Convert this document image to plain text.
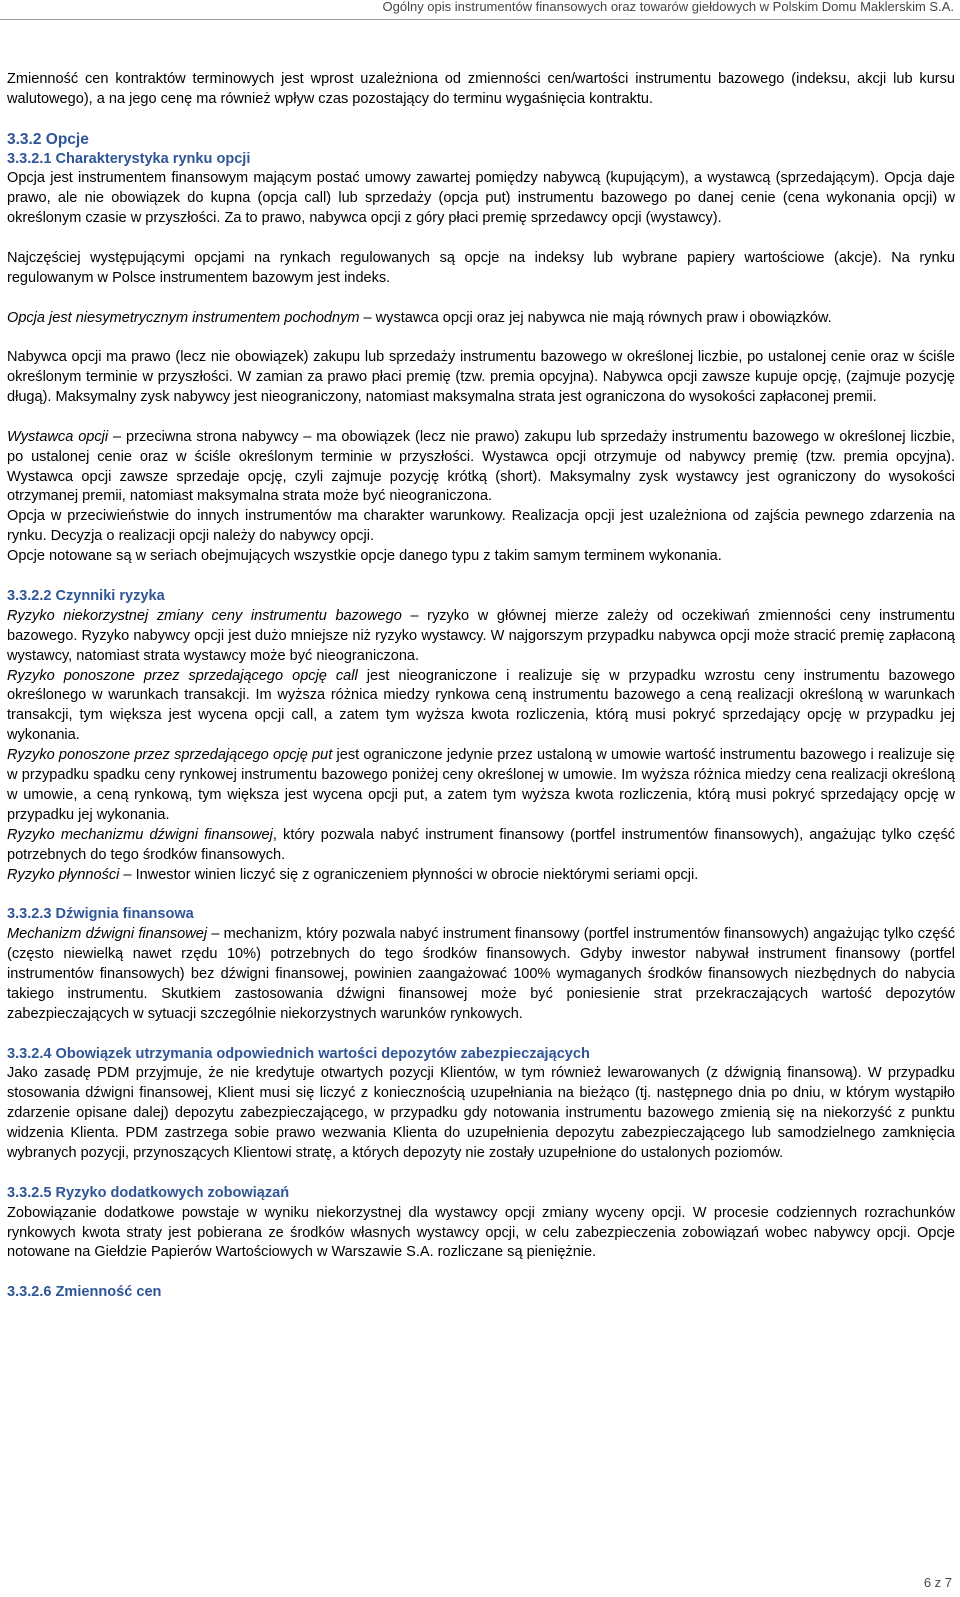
Ogólny opis instrumentów finansowych oraz towarów giełdowych w Polskim Domu Maklerskim S.A.

Zmienność cen kontraktów terminowych jest wprost uzależniona od zmienności cen/wartości instrumentu bazowego (indeksu, akcji lub kursu walutowego), a na jego cenę ma również wpływ czas pozostający do terminu wygaśnięcia kontraktu.

3.3.2 Opcje
3.3.2.1 Charakterystyka rynku opcji

Opcja jest instrumentem finansowym mającym postać umowy zawartej pomiędzy nabywcą (kupującym), a wystawcą (sprzedającym). Opcja daje prawo, ale nie obowiązek do kupna (opcja call) lub sprzedaży (opcja put) instrumentu bazowego po danej cenie (cena wykonania opcji) w określonym czasie w przyszłości. Za to prawo, nabywca opcji z góry płaci premię sprzedawcy opcji (wystawcy).

Najczęściej występującymi opcjami na rynkach regulowanych są opcje na indeksy lub wybrane papiery wartościowe (akcje). Na rynku regulowanym w Polsce instrumentem bazowym jest indeks.

Opcja jest niesymetrycznym instrumentem pochodnym – wystawca opcji oraz jej nabywca nie mają równych praw i obowiązków.

Nabywca opcji ma prawo (lecz nie obowiązek) zakupu lub sprzedaży instrumentu bazowego w określonej liczbie, po ustalonej cenie oraz w ściśle określonym terminie w przyszłości. W zamian za prawo płaci premię (tzw. premia opcyjna). Nabywca opcji zawsze kupuje opcję, (zajmuje pozycję długą). Maksymalny zysk nabywcy jest nieograniczony, natomiast maksymalna strata jest ograniczona do wysokości zapłaconej premii.

Wystawca opcji – przeciwna strona nabywcy – ma obowiązek (lecz nie prawo) zakupu lub sprzedaży instrumentu bazowego w określonej liczbie, po ustalonej cenie oraz w ściśle określonym terminie w przyszłości. Wystawca opcji otrzymuje od nabywcy premię (tzw. premia opcyjna). Wystawca opcji zawsze sprzedaje opcję, czyli zajmuje pozycję krótką (short). Maksymalny zysk wystawcy jest ograniczony do wysokości otrzymanej premii, natomiast maksymalna strata może być nieograniczona.

Opcja w przeciwieństwie do innych instrumentów ma charakter warunkowy. Realizacja opcji jest uzależniona od zajścia pewnego zdarzenia na rynku. Decyzja o realizacji opcji należy do nabywcy opcji.

Opcje notowane są w seriach obejmujących wszystkie opcje danego typu z takim samym terminem wykonania.

3.3.2.2 Czynniki ryzyka

Ryzyko niekorzystnej zmiany ceny instrumentu bazowego – ryzyko w głównej mierze zależy od oczekiwań zmienności ceny instrumentu bazowego. Ryzyko nabywcy opcji jest dużo mniejsze niż ryzyko wystawcy. W najgorszym przypadku nabywca opcji może stracić premię zapłaconą wystawcy, natomiast strata wystawcy może być nieograniczona.

Ryzyko ponoszone przez sprzedającego opcję call jest nieograniczone i realizuje się w przypadku wzrostu ceny instrumentu bazowego określonego w warunkach transakcji. Im wyższa różnica miedzy rynkowa ceną instrumentu bazowego a ceną realizacji określoną w warunkach transakcji, tym większa jest wycena opcji call, a zatem tym wyższa kwota rozliczenia, którą musi pokryć sprzedający opcję w przypadku jej wykonania.

Ryzyko ponoszone przez sprzedającego opcję put jest ograniczone jedynie przez ustaloną w umowie wartość instrumentu bazowego i realizuje się w przypadku spadku ceny rynkowej instrumentu bazowego poniżej ceny określonej w umowie. Im wyższa różnica miedzy cena realizacji określoną w umowie, a ceną rynkową, tym większa jest wycena opcji put, a zatem tym wyższa kwota rozliczenia, którą musi pokryć sprzedający opcję w przypadku jej wykonania.

Ryzyko mechanizmu dźwigni finansowej, który pozwala nabyć instrument finansowy (portfel instrumentów finansowych), angażując tylko część potrzebnych do tego środków finansowych.

Ryzyko płynności – Inwestor winien liczyć się z ograniczeniem płynności w obrocie niektórymi seriami opcji.

3.3.2.3 Dźwignia finansowa

Mechanizm dźwigni finansowej – mechanizm, który pozwala nabyć instrument finansowy (portfel instrumentów finansowych) angażując tylko część (często niewielką nawet rzędu 10%) potrzebnych do tego środków finansowych. Gdyby inwestor nabywał instrument finansowy (portfel instrumentów finansowych) bez dźwigni finansowej, powinien zaangażować 100% wymaganych środków finansowych niezbędnych do nabycia takiego instrumentu. Skutkiem zastosowania dźwigni finansowej może być poniesienie strat przekraczających wartość depozytów zabezpieczających w sytuacji szczególnie niekorzystnych warunków rynkowych.

3.3.2.4 Obowiązek utrzymania odpowiednich wartości depozytów zabezpieczających

Jako zasadę PDM przyjmuje, że nie kredytuje otwartych pozycji Klientów, w tym również lewarowanych (z dźwignią finansową). W przypadku stosowania dźwigni finansowej, Klient musi się liczyć z koniecznością uzupełniania na bieżąco (tj. następnego dnia po dniu, w którym wystąpiło zdarzenie opisane dalej) depozytu zabezpieczającego, w przypadku gdy notowania instrumentu bazowego zmienią się na niekorzyść z punktu widzenia Klienta. PDM zastrzega sobie prawo wezwania Klienta do uzupełnienia depozytu zabezpieczającego lub samodzielnego zamknięcia wybranych pozycji, przynoszących Klientowi stratę, a których depozyty nie zostały uzupełnione do ustalonych poziomów.

3.3.2.5 Ryzyko dodatkowych zobowiązań

Zobowiązanie dodatkowe powstaje w wyniku niekorzystnej dla wystawcy opcji zmiany wyceny opcji. W procesie codziennych rozrachunków rynkowych kwota straty jest pobierana ze środków własnych wystawcy opcji, w celu zabezpieczenia zobowiązań wobec nabywcy opcji. Opcje notowane na Giełdzie Papierów Wartościowych w Warszawie S.A. rozliczane są pieniężnie.

3.3.2.6 Zmienność cen
6 z 7
